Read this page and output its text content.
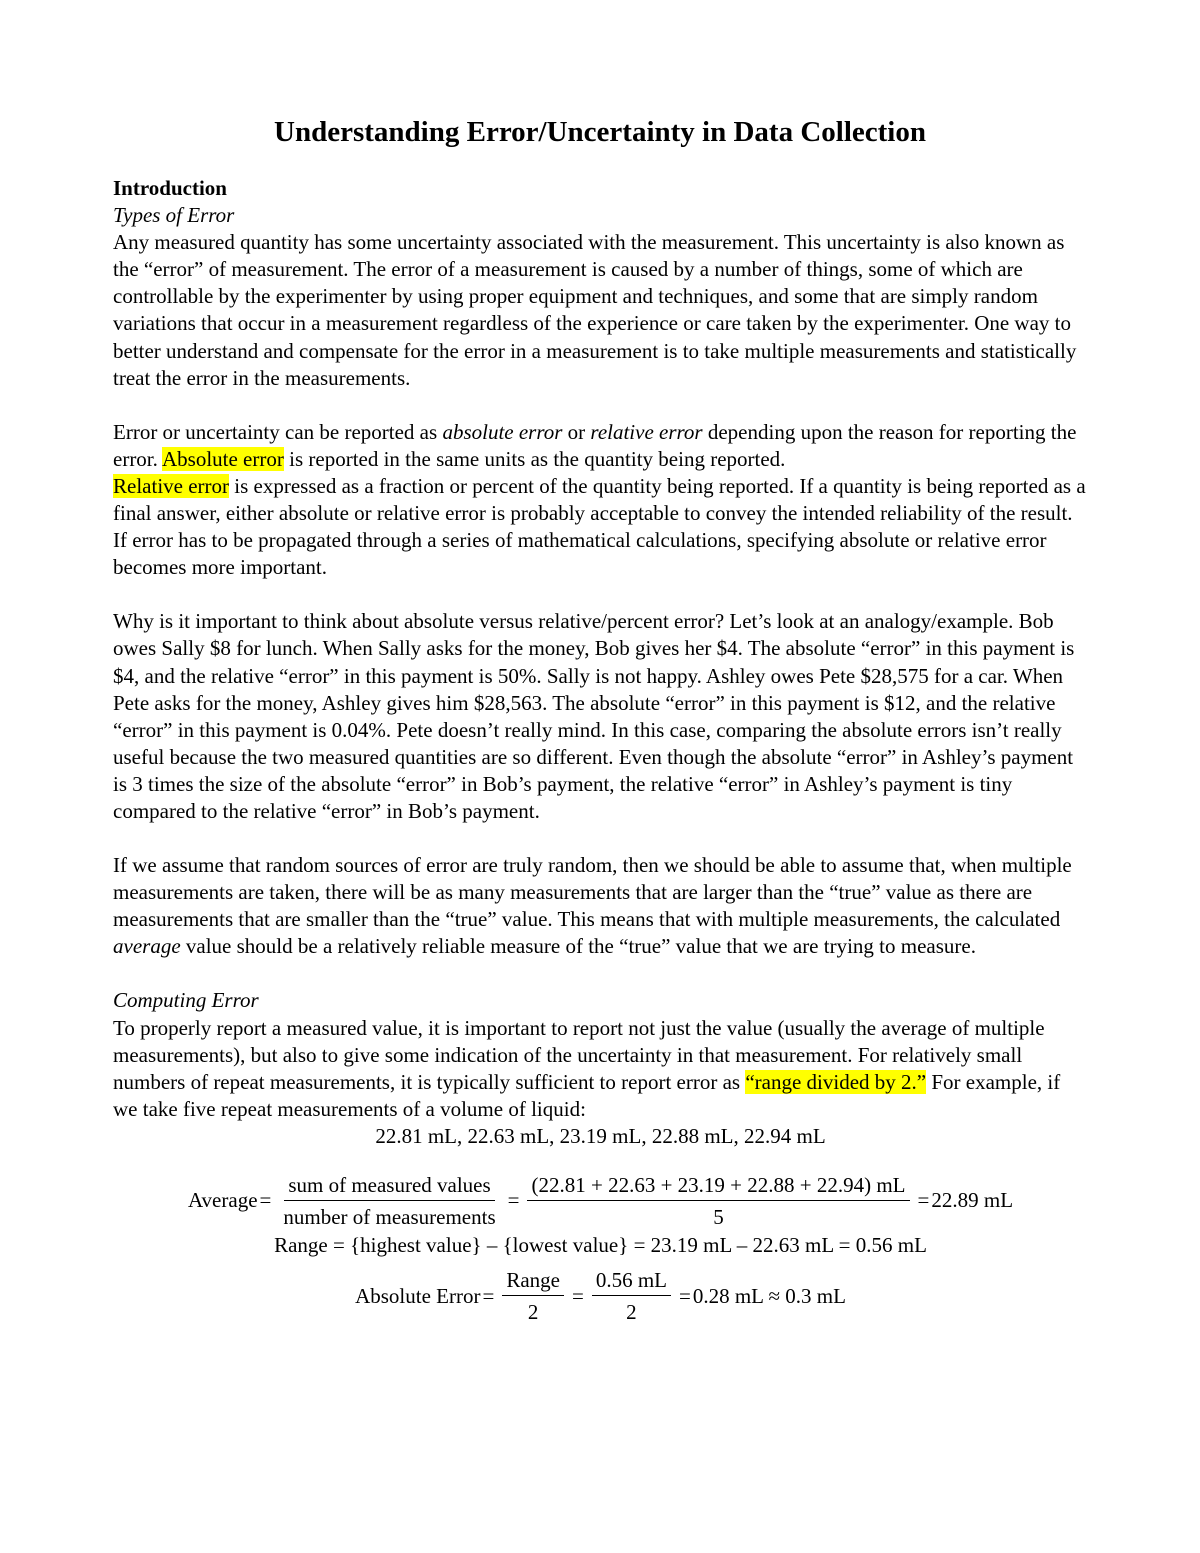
Understanding Error/Uncertainty in Data Collection

Introduction

Types of Error

Any measured quantity has some uncertainty associated with the measurement. This uncertainty is also known as the “error” of measurement. The error of a measurement is caused by a number of things, some of which are controllable by the experimenter by using proper equipment and techniques, and some that are simply random variations that occur in a measurement regardless of the experience or care taken by the experimenter. One way to better understand and compensate for the error in a measurement is to take multiple measurements and statistically treat the error in the measurements.

Error or uncertainty can be reported as absolute error or relative error depending upon the reason for reporting the error. Absolute error is reported in the same units as the quantity being reported.
Relative error is expressed as a fraction or percent of the quantity being reported. If a quantity is being reported as a final answer, either absolute or relative error is probably acceptable to convey the intended reliability of the result. If error has to be propagated through a series of mathematical calculations, specifying absolute or relative error becomes more important.

Why is it important to think about absolute versus relative/percent error? Let’s look at an analogy/example. Bob owes Sally $8 for lunch. When Sally asks for the money, Bob gives her $4. The absolute “error” in this payment is $4, and the relative “error” in this payment is 50%. Sally is not happy. Ashley owes Pete $28,575 for a car. When Pete asks for the money, Ashley gives him $28,563. The absolute “error” in this payment is $12, and the relative “error” in this payment is 0.04%. Pete doesn’t really mind. In this case, comparing the absolute errors isn’t really useful because the two measured quantities are so different. Even though the absolute “error” in Ashley’s payment is 3 times the size of the absolute “error” in Bob’s payment, the relative “error” in Ashley’s payment is tiny compared to the relative “error” in Bob’s payment.

If we assume that random sources of error are truly random, then we should be able to assume that, when multiple measurements are taken, there will be as many measurements that are larger than the “true” value as there are measurements that are smaller than the “true” value. This means that with multiple measurements, the calculated average value should be a relatively reliable measure of the “true” value that we are trying to measure.

Computing Error

To properly report a measured value, it is important to report not just the value (usually the average of multiple measurements), but also to give some indication of the uncertainty in that measurement. For relatively small numbers of repeat measurements, it is typically sufficient to report error as “range divided by 2.” For example, if we take five repeat measurements of a volume of liquid:

22.81 mL, 22.63 mL, 23.19 mL, 22.88 mL, 22.94 mL

Average = $\frac{\text{sum of measured values}}{\text{number of measurements}} = \frac{(22.81 + 22.63 + 23.19 + 22.88 + 22.94) mL}{5} = 22.89$ mL

Range = {highest value} – {lowest value} = 23.19 mL – 22.63 mL = 0.56 mL

Absolute Error = $\frac{\text{Range}}{2} = \frac{0.56 mL}{2} = 0.28$ mL ≈ 0.3 mL
